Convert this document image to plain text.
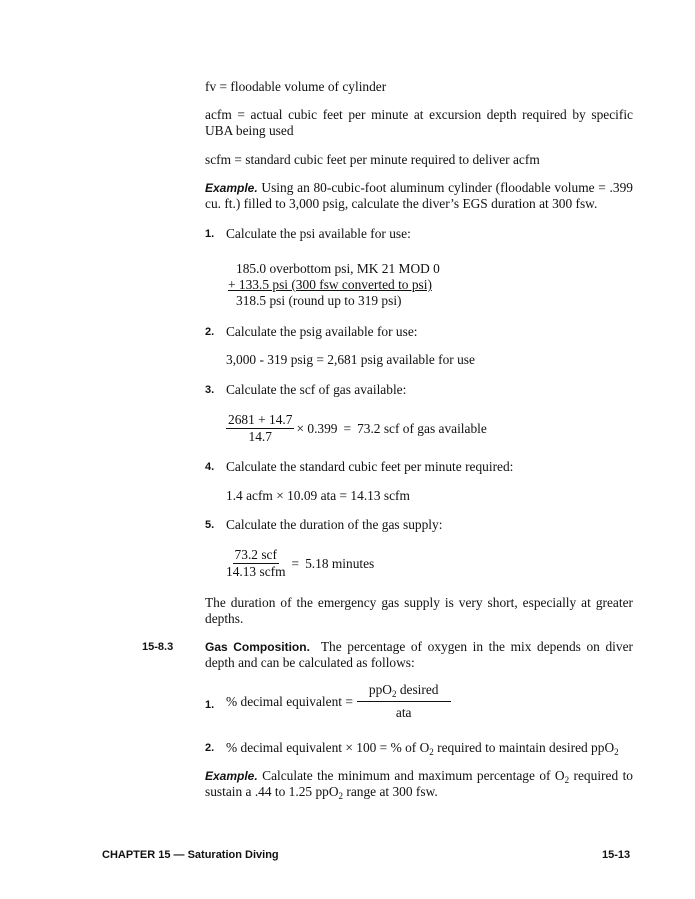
fv = floodable volume of cylinder
acfm = actual cubic feet per minute at excursion depth required by specific UBA being used
scfm = standard cubic feet per minute required to deliver acfm
Example. Using an 80-cubic-foot aluminum cylinder (floodable volume = .399 cu. ft.) filled to 3,000 psig, calculate the diver’s EGS duration at 300 fsw.
1. Calculate the psi available for use:
185.0 overbottom psi, MK 21 MOD 0
+ 133.5 psi (300 fsw converted to psi)
318.5 psi (round up to 319 psi)
2. Calculate the psig available for use:
3,000 - 319 psig = 2,681 psig available for use
3. Calculate the scf of gas available:
$\frac{2681 + 14.7}{14.7} \times 0.399 = 73.2$ scf of gas available
4. Calculate the standard cubic feet per minute required:
1.4 acfm × 10.09 ata = 14.13 scfm
5. Calculate the duration of the gas supply:
$\frac{\text{73.2 scf}}{\text{14.13 scfm}} = 5.18$ minutes
The duration of the emergency gas supply is very short, especially at greater depths.
15-8.3	Gas Composition. The percentage of oxygen in the mix depends on diver depth and can be calculated as follows:
1. % decimal equivalent = $\frac{ppO_2 desired}{\text{ata}}$
2. % decimal equivalent × 100 = % of $O_2$ required to maintain desired ppO$_2$
Example. Calculate the minimum and maximum percentage of $O_2$ required to sustain a .44 to 1.25 ppO$_2$ range at 300 fsw.
CHAPTER 15 — Saturation Diving	15-13
